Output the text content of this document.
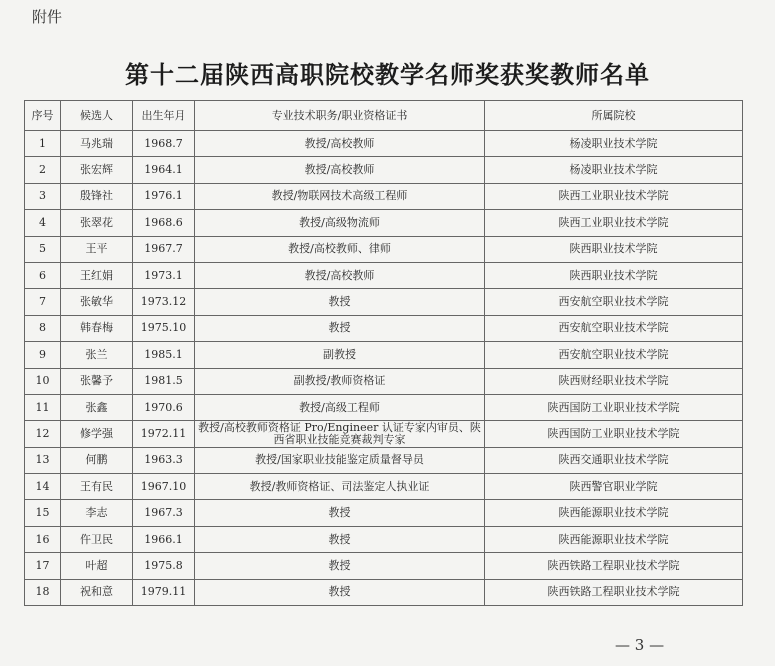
附件
第十二届陕西高职院校教学名师奖获奖教师名单
序号	候选人	出生年月	专业技术职务/职业资格证书	所属院校
1	马兆瑞	1968.7	教授/高校教师	杨凌职业技术学院
2	张宏辉	1964.1	教授/高校教师	杨凌职业技术学院
3	殷锋社	1976.1	教授/物联网技术高级工程师	陕西工业职业技术学院
4	张翠花	1968.6	教授/高级物流师	陕西工业职业技术学院
5	王平	1967.7	教授/高校教师、律师	陕西职业技术学院
6	王红娟	1973.1	教授/高校教师	陕西职业技术学院
7	张敏华	1973.12	教授	西安航空职业技术学院
8	韩春梅	1975.10	教授	西安航空职业技术学院
9	张兰	1985.1	副教授	西安航空职业技术学院
10	张馨予	1981.5	副教授/教师资格证	陕西财经职业技术学院
11	张鑫	1970.6	教授/高级工程师	陕西国防工业职业技术学院
12	修学强	1972.11	教授/高校教师资格证 Pro/Engineer 认证专家内审员、陕西省职业技能竞赛裁判专家	陕西国防工业职业技术学院
13	何鹏	1963.3	教授/国家职业技能鉴定质量督导员	陕西交通职业技术学院
14	王有民	1967.10	教授/教师资格证、司法鉴定人执业证	陕西警官职业学院
15	李志	1967.3	教授	陕西能源职业技术学院
16	仵卫民	1966.1	教授	陕西能源职业技术学院
17	叶超	1975.8	教授	陕西铁路工程职业技术学院
18	祝和意	1979.11	教授	陕西铁路工程职业技术学院
— 3 —
